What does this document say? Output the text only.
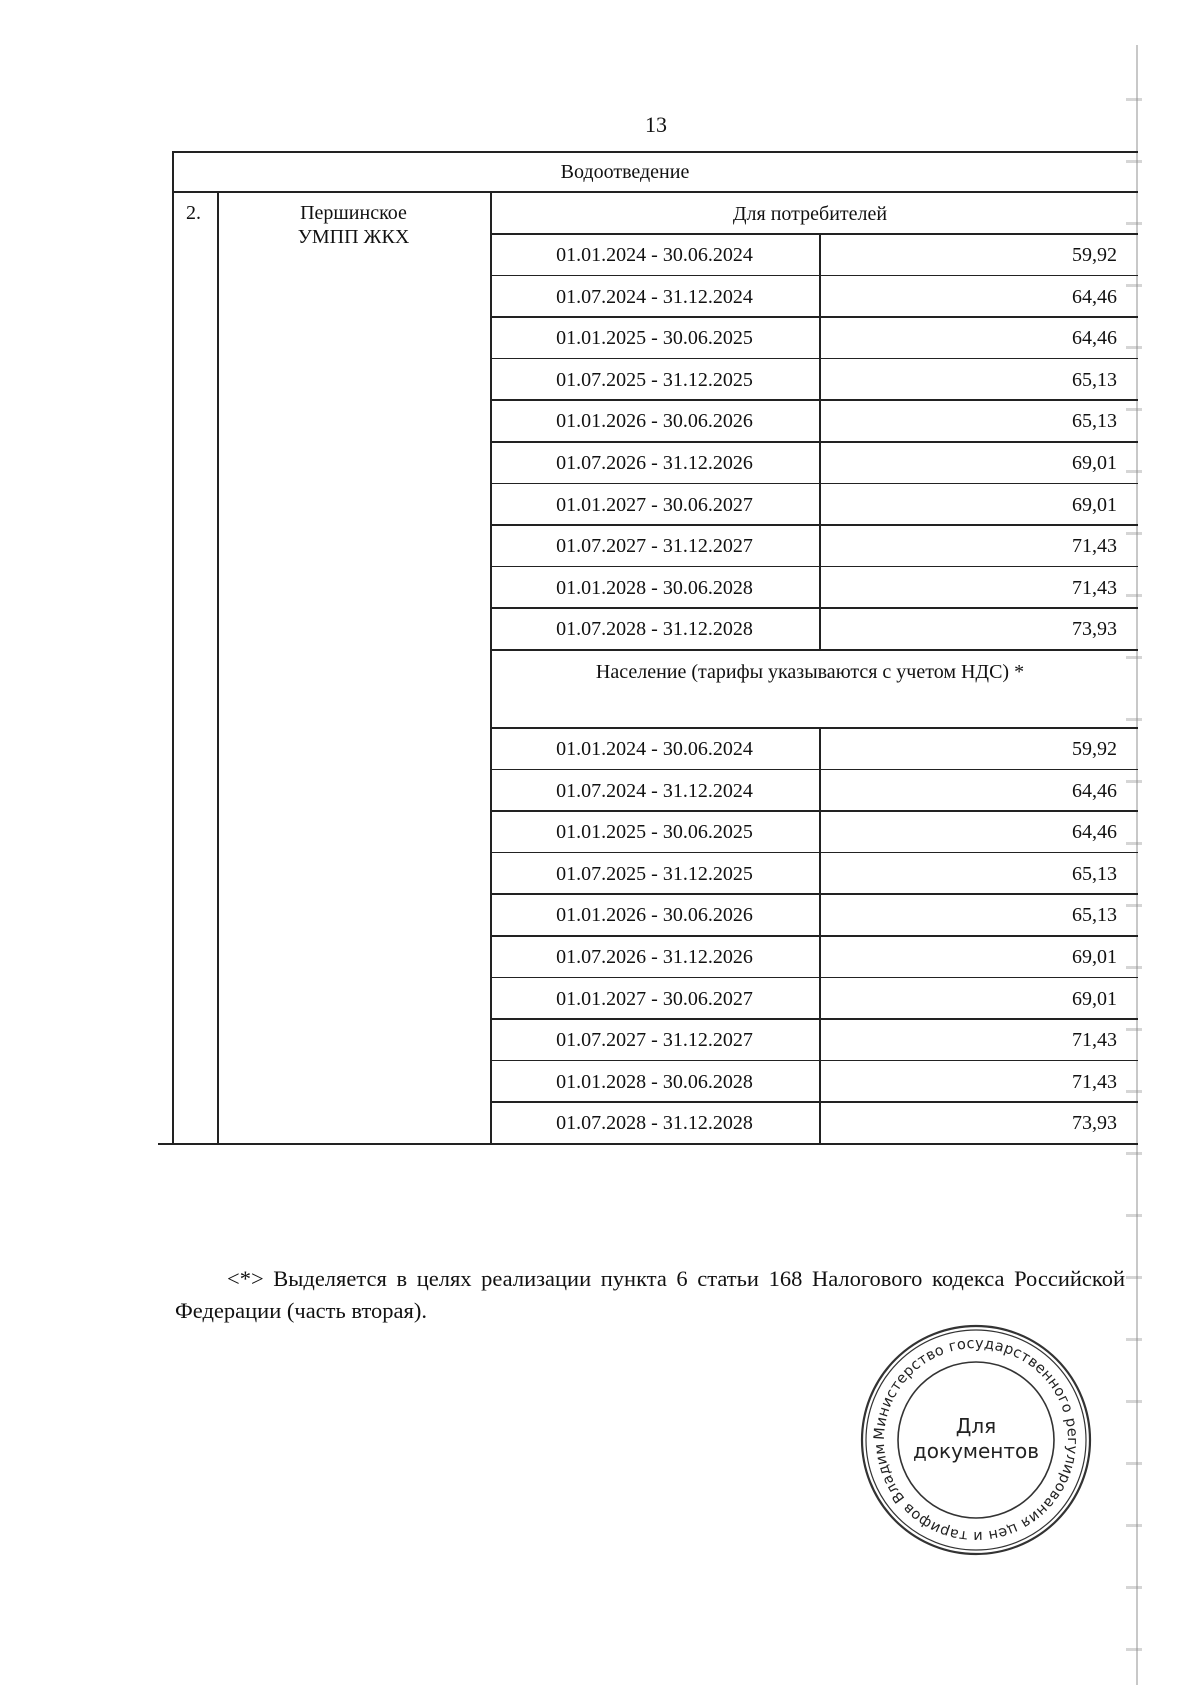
13
Водоотведение
2.	Першинское
УМПП ЖКХ
Для потребителей
01.01.2024 - 30.06.2024	59,92
01.07.2024 - 31.12.2024	64,46
01.01.2025 - 30.06.2025	64,46
01.07.2025 - 31.12.2025	65,13
01.01.2026 - 30.06.2026	65,13
01.07.2026 - 31.12.2026	69,01
01.01.2027 - 30.06.2027	69,01
01.07.2027 - 31.12.2027	71,43
01.01.2028 - 30.06.2028	71,43
01.07.2028 - 31.12.2028	73,93
Население (тарифы указываются с учетом НДС) *
01.01.2024 - 30.06.2024	59,92
01.07.2024 - 31.12.2024	64,46
01.01.2025 - 30.06.2025	64,46
01.07.2025 - 31.12.2025	65,13
01.01.2026 - 30.06.2026	65,13
01.07.2026 - 31.12.2026	69,01
01.01.2027 - 30.06.2027	69,01
01.07.2027 - 31.12.2027	71,43
01.01.2028 - 30.06.2028	71,43
01.07.2028 - 31.12.2028	73,93

<*> Выделяется в целях реализации пункта 6 статьи 168 Налогового кодекса Российской Федерации (часть вторая).

Министерство государственного регулирования цен и тарифов Владим
Для
документов
